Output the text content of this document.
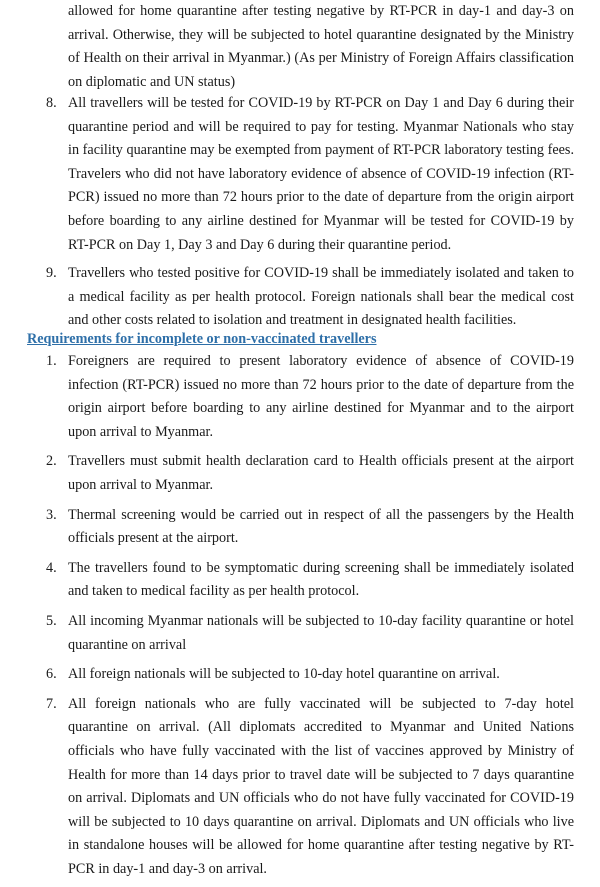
allowed for home quarantine after testing negative by RT-PCR in day-1 and day-3 on arrival. Otherwise, they will be subjected to hotel quarantine designated by the Ministry of Health on their arrival in Myanmar.) (As per Ministry of Foreign Affairs classification on diplomatic and UN status)

8. All travellers will be tested for COVID-19 by RT-PCR on Day 1 and Day 6 during their quarantine period and will be required to pay for testing. Myanmar Nationals who stay in facility quarantine may be exempted from payment of RT-PCR laboratory testing fees. Travelers who did not have laboratory evidence of absence of COVID-19 infection (RT-PCR) issued no more than 72 hours prior to the date of departure from the origin airport before boarding to any airline destined for Myanmar will be tested for COVID-19 by RT-PCR on Day 1, Day 3 and Day 6 during their quarantine period.
9. Travellers who tested positive for COVID-19 shall be immediately isolated and taken to a medical facility as per health protocol. Foreign nationals shall bear the medical cost and other costs related to isolation and treatment in designated health facilities.
Requirements for incomplete or non-vaccinated travellers
1. Foreigners are required to present laboratory evidence of absence of COVID-19 infection (RT-PCR) issued no more than 72 hours prior to the date of departure from the origin airport before boarding to any airline destined for Myanmar and to the airport upon arrival to Myanmar.
2. Travellers must submit health declaration card to Health officials present at the airport upon arrival to Myanmar.
3. Thermal screening would be carried out in respect of all the passengers by the Health officials present at the airport.
4. The travellers found to be symptomatic during screening shall be immediately isolated and taken to medical facility as per health protocol.
5. All incoming Myanmar nationals will be subjected to 10-day facility quarantine or hotel quarantine on arrival
6. All foreign nationals will be subjected to 10-day hotel quarantine on arrival.
7. All foreign nationals who are fully vaccinated will be subjected to 7-day hotel quarantine on arrival. (All diplomats accredited to Myanmar and United Nations officials who have fully vaccinated with the list of vaccines approved by Ministry of Health for more than 14 days prior to travel date will be subjected to 7 days quarantine on arrival. Diplomats and UN officials who do not have fully vaccinated for COVID-19 will be subjected to 10 days quarantine on arrival. Diplomats and UN officials who live in standalone houses will be allowed for home quarantine after testing negative by RT-PCR in day-1 and day-3 on arrival.
